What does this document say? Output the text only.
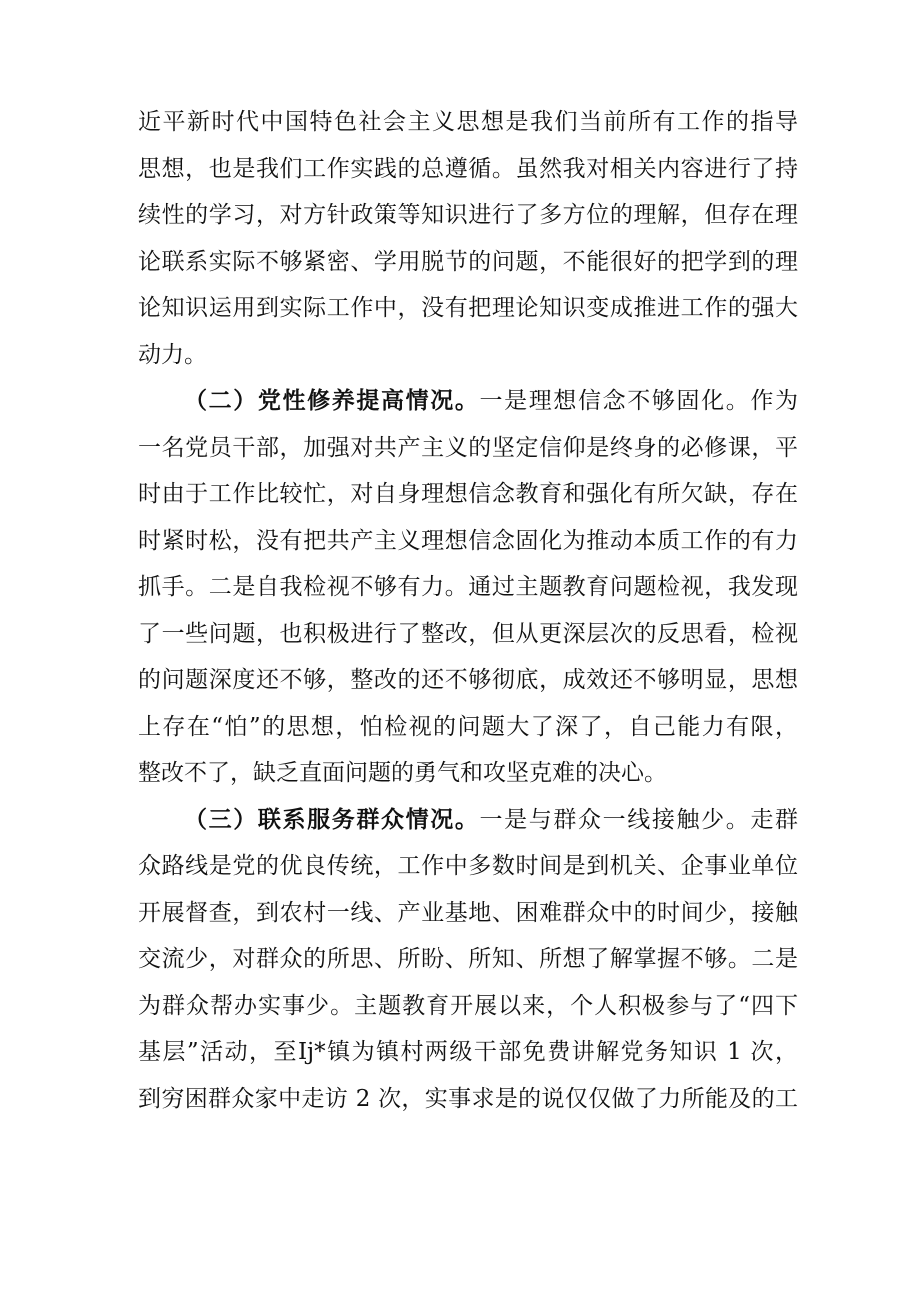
近平新时代中国特色社会主义思想是我们当前所有工作的指导
思想，也是我们工作实践的总遵循。虽然我对相关内容进行了持
续性的学习，对方针政策等知识进行了多方位的理解，但存在理
论联系实际不够紧密、学用脱节的问题，不能很好的把学到的理
论知识运用到实际工作中，没有把理论知识变成推进工作的强大
动力。
（二）党性修养提高情况。一是理想信念不够固化。作为
一名党员干部，加强对共产主义的坚定信仰是终身的必修课，平
时由于工作比较忙，对自身理想信念教育和强化有所欠缺，存在
时紧时松，没有把共产主义理想信念固化为推动本质工作的有力
抓手。二是自我检视不够有力。通过主题教育问题检视，我发现
了一些问题，也积极进行了整改，但从更深层次的反思看，检视
的问题深度还不够，整改的还不够彻底，成效还不够明显，思想
上存在“怕”的思想，怕检视的问题大了深了，自己能力有限，
整改不了，缺乏直面问题的勇气和攻坚克难的决心。
（三）联系服务群众情况。一是与群众一线接触少。走群
众路线是党的优良传统，工作中多数时间是到机关、企事业单位
开展督查，到农村一线、产业基地、困难群众中的时间少，接触
交流少，对群众的所思、所盼、所知、所想了解掌握不够。二是
为群众帮办实事少。主题教育开展以来，个人积极参与了“四下
基层”活动，至Ij*镇为镇村两级干部免费讲解党务知识 1 次，
到穷困群众家中走访 2 次，实事求是的说仅仅做了力所能及的工
